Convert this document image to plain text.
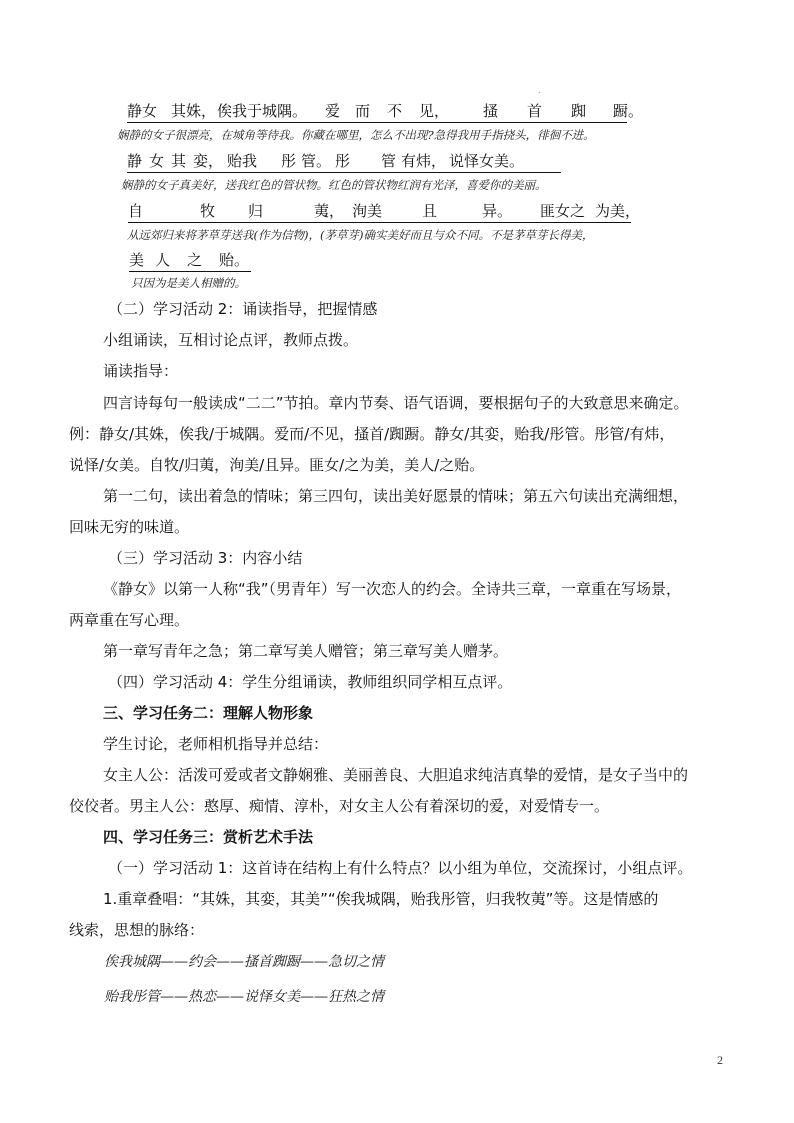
.
静女 其姝，俟我于城隅。 爱 而 不 见， 搔 首 踟 蹰。
娴静的女子很漂亮，在城角等待我。你藏在哪里，怎么不出现?急得我用手指挠头，徘徊不进。
静 女 其 娈， 贻我 彤 管。 彤 管 有炜， 说怿女美。
娴静的女子真美好，送我红色的管状物。红色的管状物红润有光泽，喜爱你的美丽。
自	牧 归	荑， 洵美	且	异。 匪女之 为美，
从远郊归来将茅草芽送我(作为信物)，(茅草芽)确实美好而且与众不同。不是茅草芽长得美，
美 人 之 贻。
只因为是美人相赠的。
（二）学习活动 2：诵读指导，把握情感
小组诵读，互相讨论点评，教师点拨。
诵读指导：
四言诗每句一般读成“二二”节拍。章内节奏、语气语调，要根据句子的大致意思来确定。
例：静女/其姝，俟我/于城隅。爱而/不见，搔首/踟蹰。静女/其娈，贻我/彤管。彤管/有炜，
说怿/女美。自牧/归荑，洵美/且异。匪女/之为美，美人/之贻。
第一二句，读出着急的情味；第三四句，读出美好愿景的情味；第五六句读出充满细想，
回味无穷的味道。
（三）学习活动 3：内容小结
《静女》以第一人称“我”（男青年）写一次恋人的约会。全诗共三章，一章重在写场景，
两章重在写心理。
第一章写青年之急；第二章写美人赠管；第三章写美人赠茅。
（四）学习活动 4：学生分组诵读，教师组织同学相互点评。
三、学习任务二：理解人物形象
学生讨论，老师相机指导并总结：
女主人公：活泼可爱或者文静娴雅、美丽善良、大胆追求纯洁真挚的爱情，是女子当中的
佼佼者。男主人公：憨厚、痴情、淳朴，对女主人公有着深切的爱，对爱情专一。
四、学习任务三：赏析艺术手法
（一）学习活动 1：这首诗在结构上有什么特点？以小组为单位，交流探讨，小组点评。
1.重章叠唱：“其姝，其娈，其美”“俟我城隅，贻我彤管，归我牧荑”等。这是情感的
线索，思想的脉络：
俟我城隅——约会——搔首踟蹰——急切之情
贻我彤管——热恋——说怿女美——狂热之情
2
